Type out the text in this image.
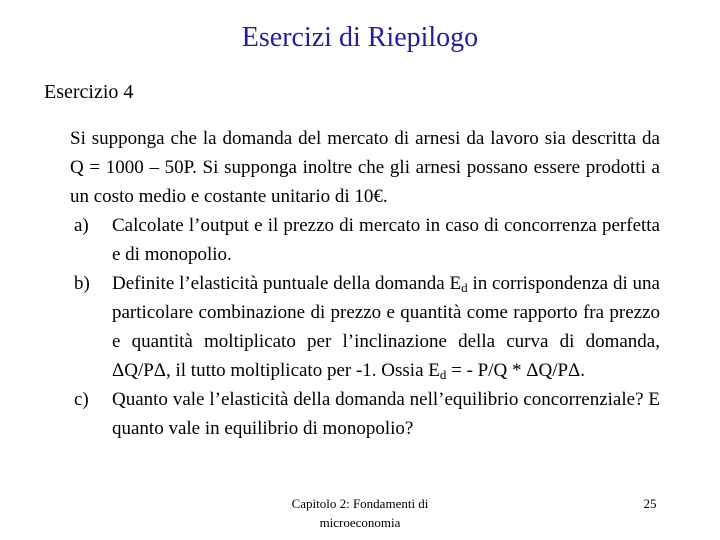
Esercizi di Riepilogo
Esercizio 4

Si supponga che la domanda del mercato di arnesi da lavoro sia descritta da Q = 1000 – 50P. Si supponga inoltre che gli arnesi possano essere prodotti a un costo medio e costante unitario di 10€.

a)	Calcolate l’output e il prezzo di mercato in caso di concorrenza perfetta e di monopolio.
b)	Definite l’elasticità puntuale della domanda $E_d$ in corrispondenza di una particolare combinazione di prezzo e quantità come rapporto fra prezzo e quantità moltiplicato per l’inclinazione della curva di domanda, ΔQ/PΔ, il tutto moltiplicato per -1. Ossia $E_d$ = - P/Q * ΔQ/PΔ.
c)	Quanto vale l’elasticità della domanda nell’equilibrio concorrenziale? E quanto vale in equilibrio di monopolio?
Capitolo 2: Fondamenti di microeconomia
25
